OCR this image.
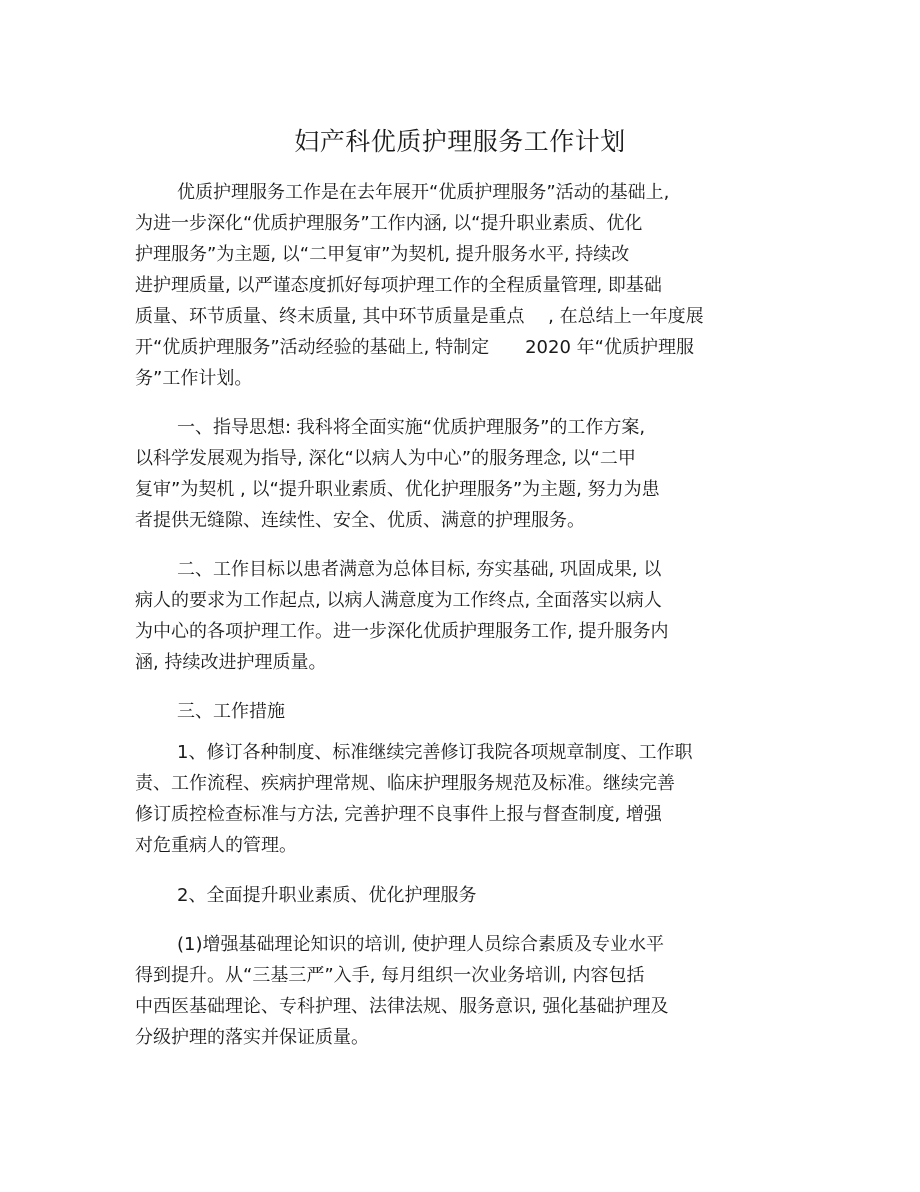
妇产科优质护理服务工作计划
优质护理服务工作是在去年展开“优质护理服务”活动的基础上,
为进一步深化“优质护理服务”工作内涵, 以“提升职业素质、优化
护理服务”为主题, 以“二甲复审”为契机, 提升服务水平, 持续改
进护理质量, 以严谨态度抓好每项护理工作的全程质量管理, 即基础
质量、环节质量、终末质量, 其中环节质量是重点　 , 在总结上一年度展
开“优质护理服务”活动经验的基础上, 特制定　　2020 年“优质护理服
务”工作计划。
一、指导思想: 我科将全面实施“优质护理服务”的工作方案,
以科学发展观为指导, 深化“以病人为中心”的服务理念, 以“二甲
复审”为契机 , 以“提升职业素质、优化护理服务”为主题, 努力为患
者提供无缝隙、连续性、安全、优质、满意的护理服务。
二、工作目标以患者满意为总体目标, 夯实基础, 巩固成果, 以
病人的要求为工作起点, 以病人满意度为工作终点, 全面落实以病人
为中心的各项护理工作。进一步深化优质护理服务工作, 提升服务内
涵, 持续改进护理质量。
三、工作措施
1、修订各种制度、标准继续完善修订我院各项规章制度、工作职
责、工作流程、疾病护理常规、临床护理服务规范及标准。继续完善
修订质控检查标准与方法, 完善护理不良事件上报与督查制度, 增强
对危重病人的管理。
2、全面提升职业素质、优化护理服务
(1)增强基础理论知识的培训, 使护理人员综合素质及专业水平
得到提升。从“三基三严”入手, 每月组织一次业务培训, 内容包括
中西医基础理论、专科护理、法律法规、服务意识, 强化基础护理及
分级护理的落实并保证质量。
